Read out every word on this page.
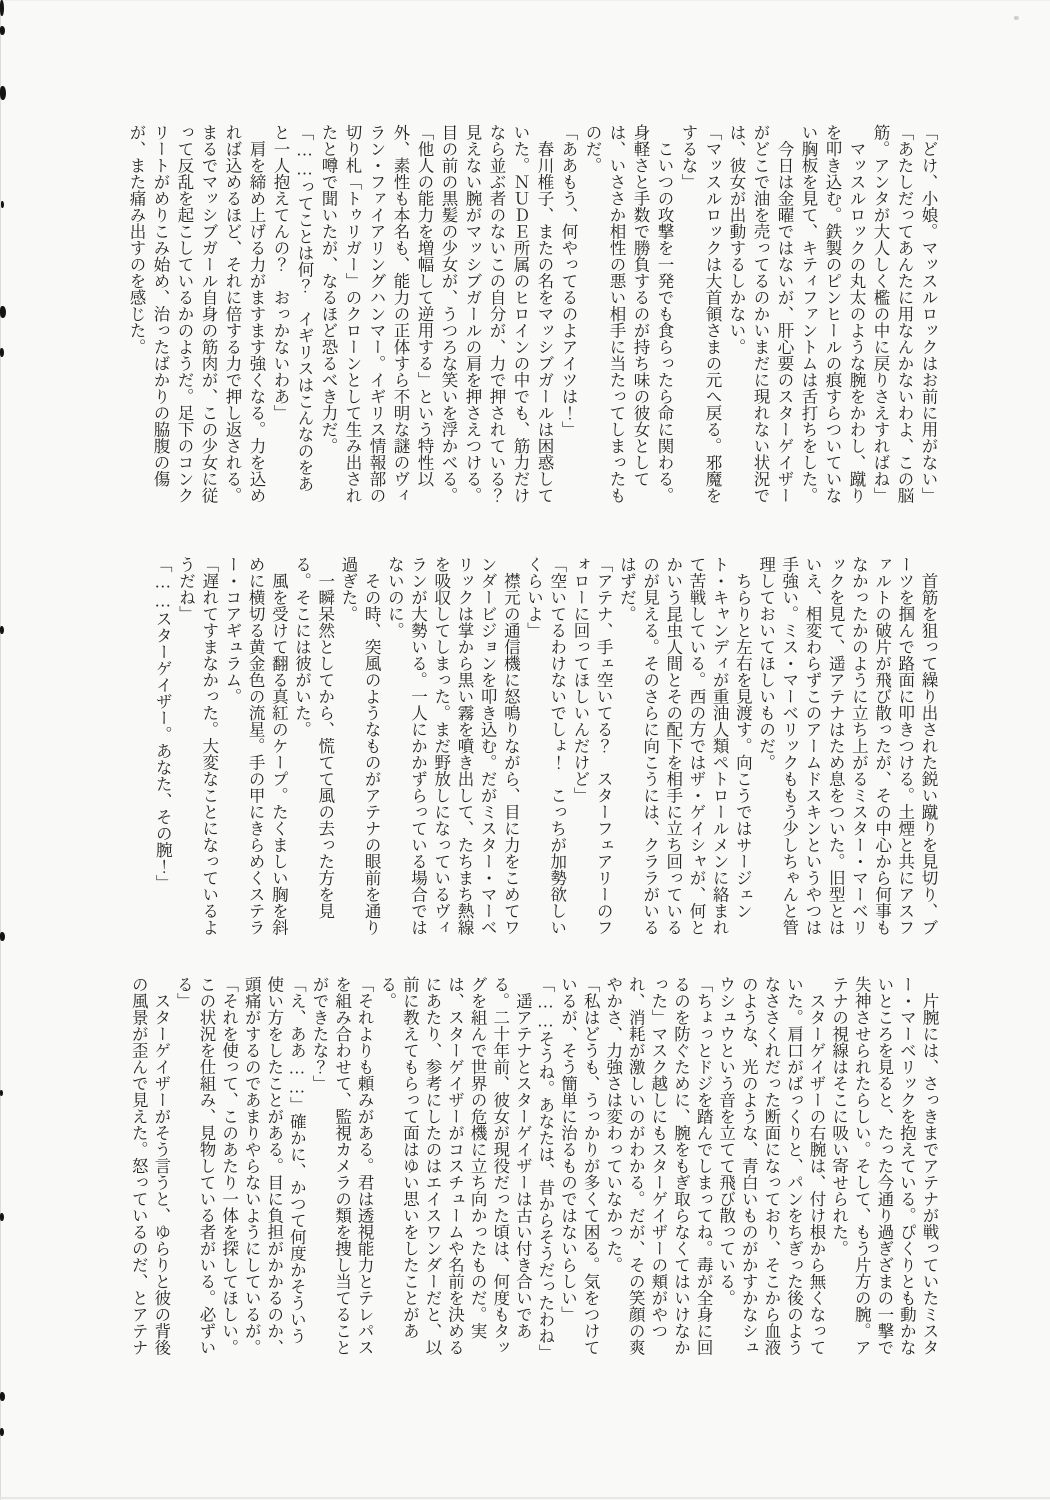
「どけ、小娘。マッスルロックはお前に用がない」

「あたしだってあんたに用なんかないわよ、この脳筋。アンタが大人しく檻の中に戻りさえすればね」

　マッスルロックの丸太のような腕をかわし、蹴りを叩き込む。鉄製のピンヒールの痕すらついていない胸板を見て、キティファントムは舌打ちをした。

　今日は金曜ではないが、肝心要のスターゲイザーがどこで油を売ってるのかいまだに現れない状況では、彼女が出動するしかない。

「マッスルロックは大首領さまの元へ戻る。邪魔をするな」

　こいつの攻撃を一発でも食らったら命に関わる。身軽さと手数で勝負するのが持ち味の彼女としては、いささか相性の悪い相手に当たってしまったものだ。

「ああもう、何やってるのよアイツは！」

　春川椎子、またの名をマッシブガールは困惑していた。ＮＵＤＥ所属のヒロインの中でも、筋力だけなら並ぶ者のないこの自分が、力で押されている？　見えない腕がマッシブガールの肩を押さえつける。目の前の黒髪の少女が、うつろな笑いを浮かべる。

「他人の能力を増幅して逆用する」という特性以外、素性も本名も、能力の正体すら不明な謎のヴィラン・ファイアリングハンマー。イギリス情報部の切り札「トゥリガー」のクローンとして生み出されたと噂で聞いたが、なるほど恐るべき力だ。

「……ってことは何？　イギリスはこんなのをあと一人抱えてんの？　おっかないわあ」

　肩を締め上げる力がますます強くなる。力を込めれば込めるほど、それに倍する力で押し返される。まるでマッシブガール自身の筋肉が、この少女に従って反乱を起こしているかのようだ。足下のコンクリートがめりこみ始め、治ったばかりの脇腹の傷が、また痛み出すのを感じた。

　首筋を狙って繰り出された鋭い蹴りを見切り、ブーツを掴んで路面に叩きつける。土煙と共にアスファルトの破片が飛び散ったが、その中心から何事もなかったかのように立ち上がるミスター・マーベリックを見て、遥アテナはため息をついた。旧型とはいえ、相変わらずこのアームドスキンというやつは手強い。ミス・マーベリックももう少しちゃんと管理しておいてほしいものだ。

　ちらりと左右を見渡す。向こうではサージェント・キャンディが重油人類ペトロールメンに絡まれて苦戦している。西の方ではザ・ゲイシャが、何とかいう昆虫人間とその配下を相手に立ち回っているのが見える。そのさらに向こうには、クララがいるはずだ。

「アテナ、手ェ空いてる？　スターフェアリーのフォローに回ってほしいんだけど」

「空いてるわけないでしょ！　こっちが加勢欲しいくらいよ」

　襟元の通信機に怒鳴りながら、目に力をこめてワンダービジョンを叩き込む。だがミスター・マーベリックは掌から黒い霧を噴き出して、たちまち熱線を吸収してしまった。まだ野放しになっているヴィランが大勢いる。一人にかかずらっている場合ではないのに。

　その時、突風のようなものがアテナの眼前を通り過ぎた。

　一瞬呆然としてから、慌てて風の去った方を見る。そこには彼がいた。

　風を受けて翻る真紅のケープ。たくましい胸を斜めに横切る黄金色の流星。手の甲にきらめくステラー・コアギュラム。

「遅れてすまなかった。大変なことになっているようだね」

「……スターゲイザー。あなた、その腕！」

　片腕には、さっきまでアテナが戦っていたミスター・マーベリックを抱えている。ぴくりとも動かないところを見ると、たった今通り過ぎざまの一撃で失神させられたらしい。そして、もう片方の腕。アテナの視線はそこに吸い寄せられた。

　スターゲイザーの右腕は、付け根から無くなっていた。肩口がばっくりと、パンをちぎった後のようなささくれだった断面になっており、そこから血液のような、光のような、青白いものがかすかなシュウシュウという音を立てて飛び散っている。

「ちょっとドジを踏んでしまってね。毒が全身に回るのを防ぐために、腕をもぎ取らなくてはいけなかった」マスク越しにもスターゲイザーの頬がやつれ、消耗が激しいのがわかる。だが、その笑顔の爽やかさ、力強さは変わっていなかった。

「私はどうも、うっかりが多くて困る。気をつけているが、そう簡単に治るものではないらしい」

「……そうね。あなたは、昔からそうだったわね」

　遥アテナとスターゲイザーは古い付き合いである。二十年前、彼女が現役だった頃は、何度もタッグを組んで世界の危機に立ち向かったものだ。実は、スターゲイザーがコスチュームや名前を決めるにあたり、参考にしたのはエイスワンダーだと、以前に教えてもらって面はゆい思いをしたことがある。

「それよりも頼みがある。君は透視能力とテレパスを組み合わせて、監視カメラの類を捜し当てることができたな？」

「え、ああ……」確かに、かつて何度かそういう使い方をしたことがある。目に負担がかかるのか、頭痛がするのであまりやらないようにしているが。

「それを使って、このあたり一体を探してほしい。この状況を仕組み、見物している者がいる。必ずいる」

　スターゲイザーがそう言うと、ゆらりと彼の背後の風景が歪んで見えた。怒っているのだ、とアテナ
